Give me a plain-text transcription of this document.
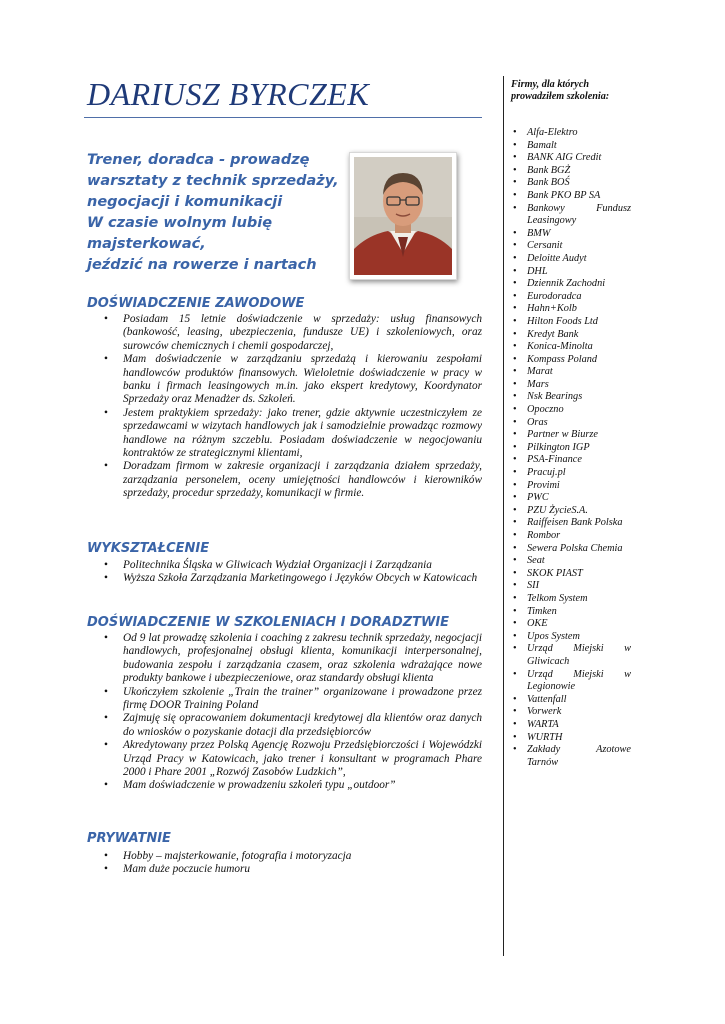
DARIUSZ BYRCZEK
Trener, doradca - prowadzę
warsztaty z technik sprzedaży,
negocjacji i komunikacji
W czasie wolnym lubię
majsterkować,
jeździć na rowerze i nartach
DOŚWIADCZENIE ZAWODOWE
• Posiadam 15 letnie doświadczenie w sprzedaży: usług finansowych (bankowość, leasing, ubezpieczenia, fundusze UE) i szkoleniowych, oraz surowców chemicznych i chemii gospodarczej,
• Mam doświadczenie w zarządzaniu sprzedażą i kierowaniu zespołami handlowców produktów finansowych. Wieloletnie doświadczenie w pracy w banku i firmach leasingowych m.in. jako ekspert kredytowy, Koordynator Sprzedaży oraz Menadżer ds. Szkoleń.
• Jestem praktykiem sprzedaży: jako trener, gdzie aktywnie uczestniczyłem ze sprzedawcami w wizytach handlowych jak i samodzielnie prowadząc rozmowy handlowe na różnym szczeblu. Posiadam doświadczenie w negocjowaniu kontraktów ze strategicznymi klientami,
• Doradzam firmom w zakresie organizacji i zarządzania działem sprzedaży, zarządzania personelem, oceny umiejętności handlowców i kierowników sprzedaży, procedur sprzedaży, komunikacji w firmie.
WYKSZTAŁCENIE
• Politechnika Śląska w Gliwicach Wydział Organizacji i Zarządzania
• Wyższa Szkoła Zarządzania Marketingowego i Języków Obcych w Katowicach
DOŚWIADCZENIE W SZKOLENIACH I DORADZTWIE
• Od 9 lat prowadzę szkolenia i coaching z zakresu technik sprzedaży, negocjacji handlowych, profesjonalnej obsługi klienta, komunikacji interpersonalnej, budowania zespołu i zarządzania czasem, oraz szkolenia wdrażające nowe produkty bankowe i ubezpieczeniowe, oraz standardy obsługi klienta
• Ukończyłem szkolenie „Train the trainer” organizowane i prowadzone przez firmę DOOR Training Poland
• Zajmuję się opracowaniem dokumentacji kredytowej dla klientów oraz danych do wniosków o pozyskanie dotacji dla przedsiębiorców
• Akredytowany przez Polską Agencję Rozwoju Przedsiębiorczości i Wojewódzki Urząd Pracy w Katowicach, jako trener i konsultant w programach Phare 2000 i Phare 2001 „Rozwój Zasobów Ludzkich”,
• Mam doświadczenie w prowadzeniu szkoleń typu „outdoor”
PRYWATNIE
• Hobby – majsterkowanie, fotografia i motoryzacja
• Mam duże poczucie humoru
Firmy, dla których prowadziłem szkolenia:
• Alfa-Elektro
• Bamalt
• BANK AIG Credit
• Bank BGŻ
• Bank BOŚ
• Bank PKO BP SA
• Bankowy Fundusz Leasingowy
• BMW
• Cersanit
• Deloitte Audyt
• DHL
• Dziennik Zachodni
• Eurodoradca
• Hahn+Kolb
• Hilton Foods Ltd
• Kredyt Bank
• Konica-Minolta
• Kompass Poland
• Marat
• Mars
• Nsk Bearings
• Opoczno
• Oras
• Partner w Biurze
• Pilkington IGP
• PSA-Finance
• Pracuj.pl
• Provimi
• PWC
• PZU ŻycieS.A.
• Raiffeisen Bank Polska
• Rombor
• Sewera Polska Chemia
• Seat
• SKOK PIAST
• SII
• Telkom System
• Timken
• OKE
• Upos System
• Urząd Miejski w Gliwicach
• Urząd Miejski w Legionowie
• Vattenfall
• Vorwerk
• WARTA
• WURTH
• Zakłady Azotowe Tarnów
